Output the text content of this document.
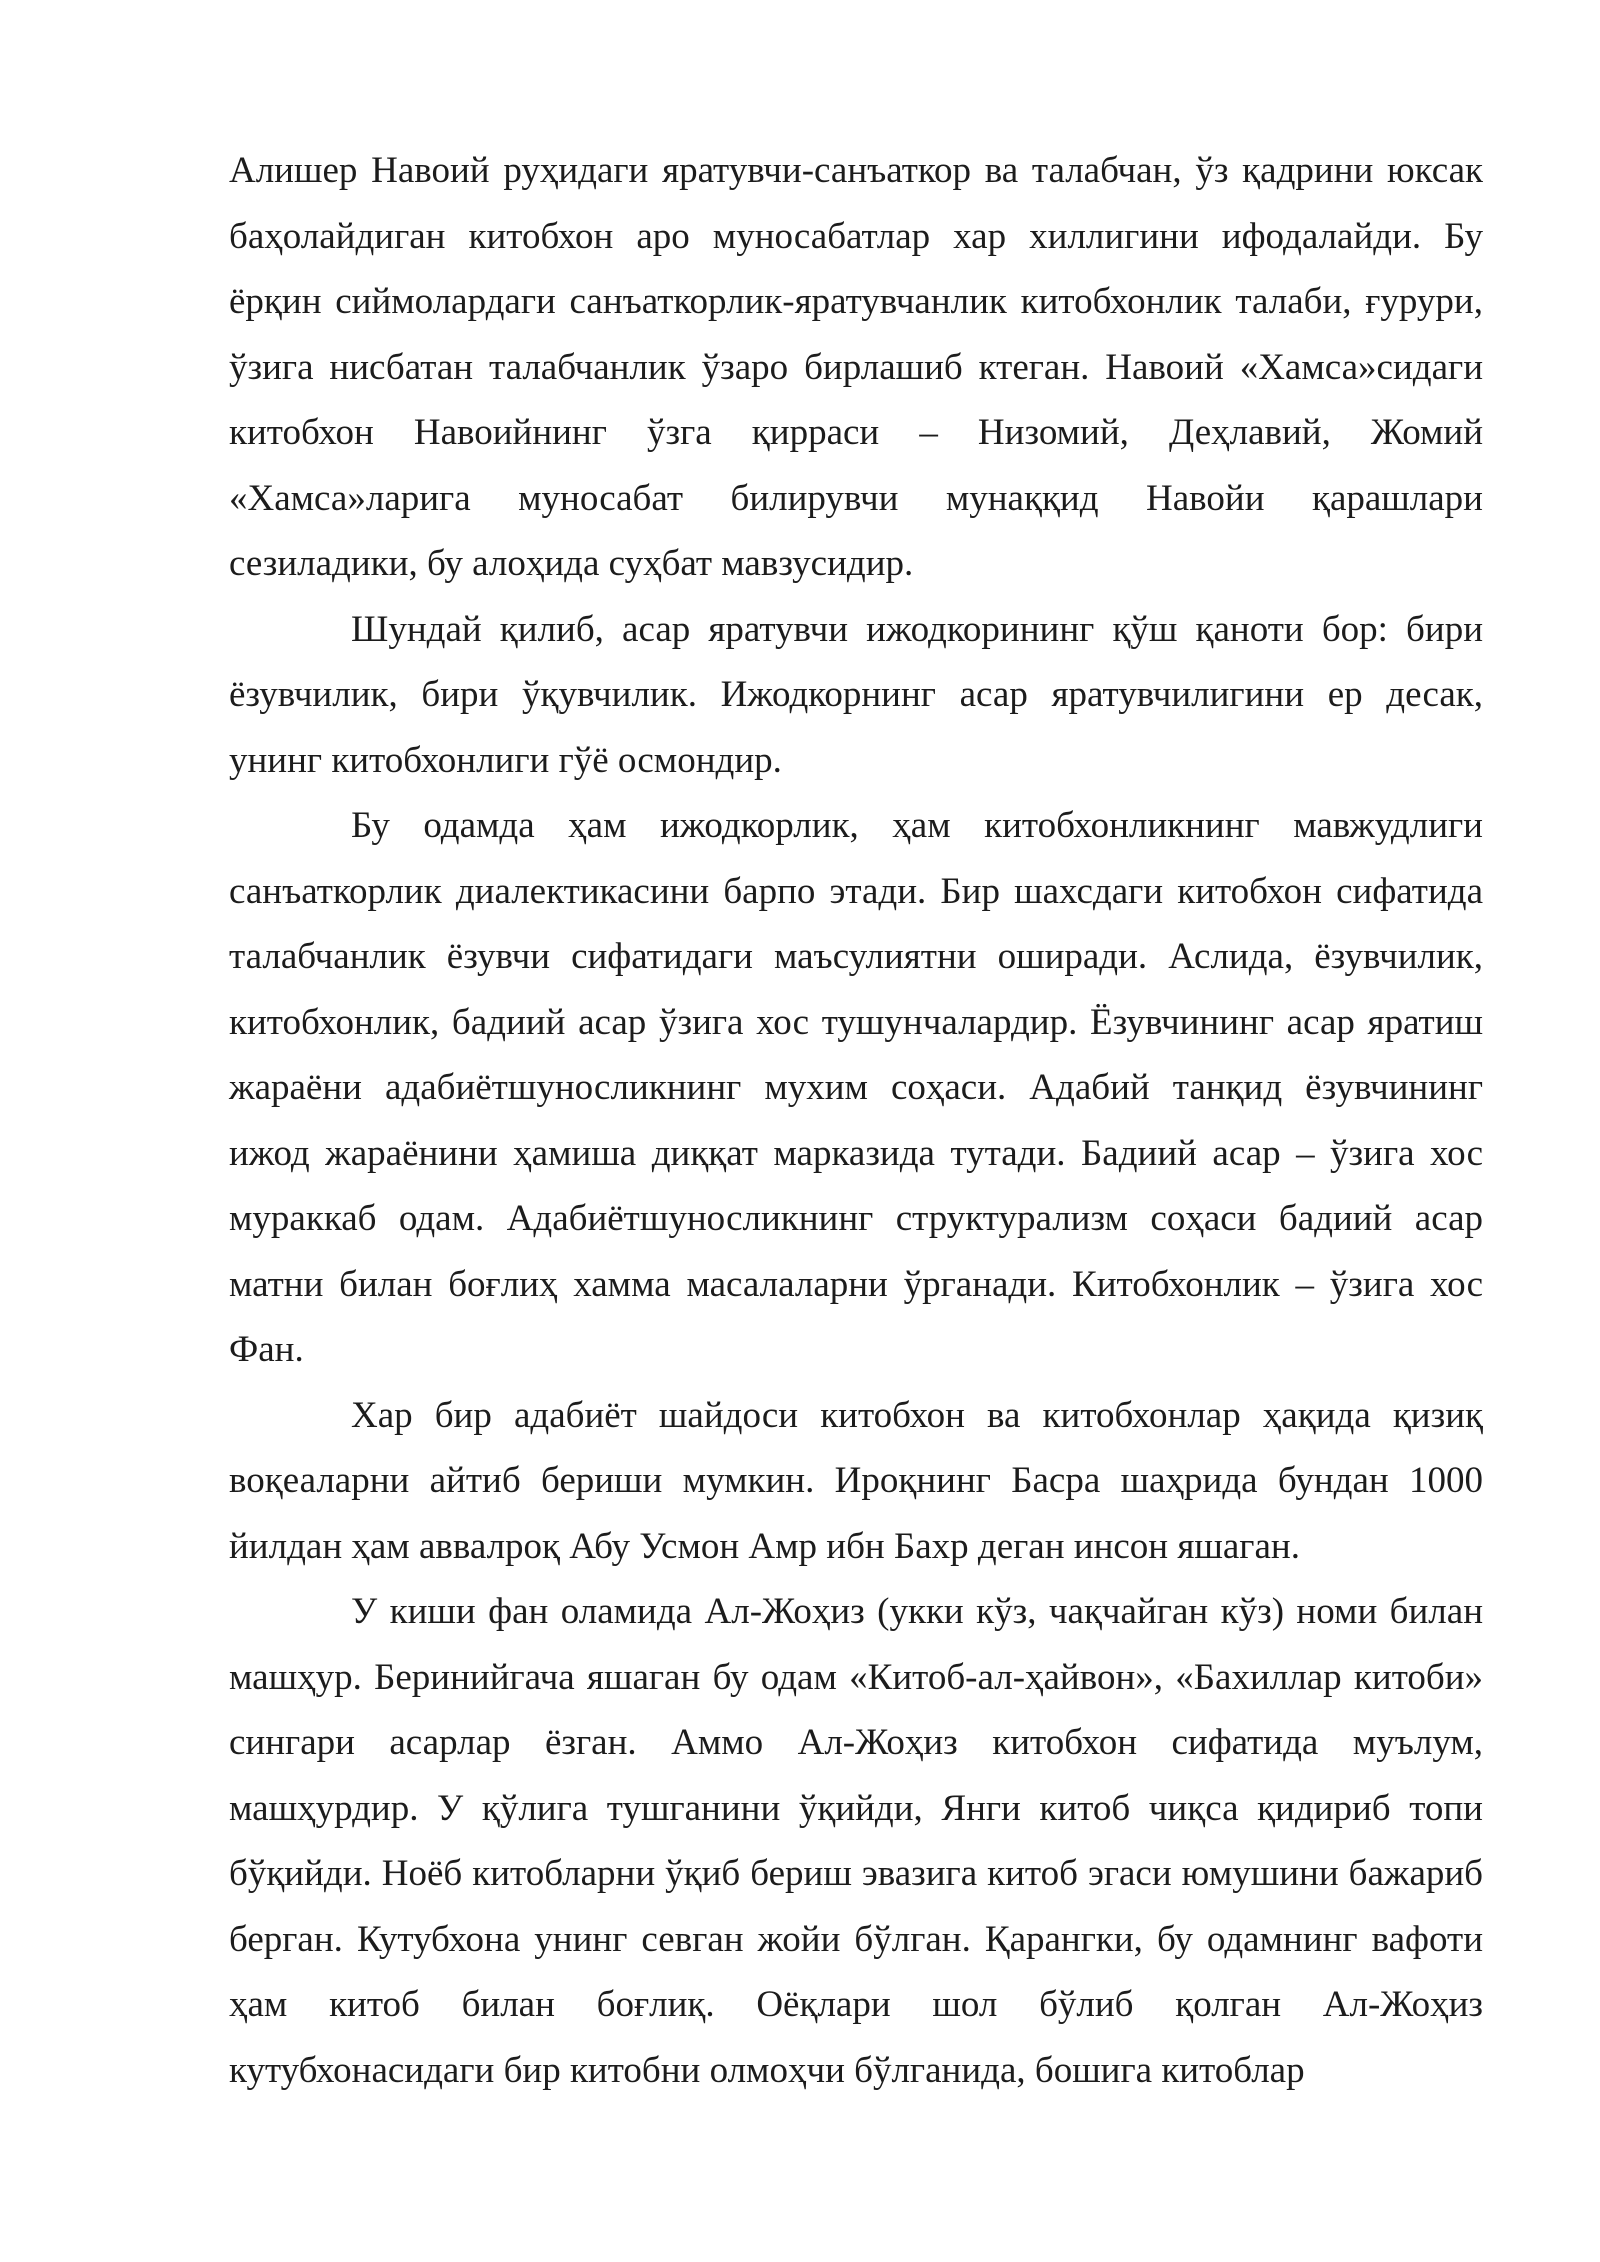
Алишер Навоий руҳидаги яратувчи-санъаткор ва талабчан, ўз қадрини юксак баҳолайдиган китобхон аро муносабатлар хар хиллигини ифодалайди. Бу ёрқин сиймолардаги санъаткорлик-яратувчанлик китобхонлик талаби, ғурури, ўзига нисбатан талабчанлик ўзаро бирлашиб ктеган. Навоий «Хамса»сидаги китобхон Навоийнинг ўзга қирраси – Низомий, Деҳлавий, Жомий «Хамса»ларига муносабат билирувчи мунаққид Навойи қарашлари сезиладики, бу алоҳида суҳбат мавзусидир.

Шундай қилиб, асар яратувчи ижодкорининг қўш қаноти бор: бири ёзувчилик, бири ўқувчилик. Ижодкорнинг асар яратувчилигини ер десак, унинг китобхонлиги гўё осмондир.

Бу одамда ҳам ижодкорлик, ҳам китобхонликнинг мавжудлиги санъаткорлик диалектикасини барпо этади. Бир шахсдаги китобхон сифатида талабчанлик ёзувчи сифатидаги маъсулиятни оширади. Аслида, ёзувчилик, китобхонлик, бадиий асар ўзига хос тушунчалардир. Ёзувчининг асар яратиш жараёни адабиётшуносликнинг мухим соҳаси. Адабий танқид ёзувчининг ижод жараёнини ҳамиша диққат марказида тутади. Бадиий асар – ўзига хос мураккаб одам. Адабиётшуносликнинг структурализм соҳаси бадиий асар матни билан боғлиҳ хамма масалаларни ўрганади. Китобхонлик – ўзига хос Фан.

Хар бир адабиёт шайдоси китобхон ва китобхонлар ҳақида қизиқ воқеаларни айтиб бериши мумкин. Ироқнинг Басра шаҳрида бундан 1000 йилдан ҳам аввалроқ Абу Усмон Амр ибн Бахр деган инсон яшаган.

У киши фан оламида Ал-Жоҳиз (укки кўз, чақчайган кўз) номи билан машҳур. Беринийгача яшаган бу одам «Китоб-ал-ҳайвон», «Бахиллар китоби» сингари асарлар ёзган. Аммо Ал-Жоҳиз китобхон сифатида муълум, машҳурдир. У қўлига тушганини ўқийди, Янги китоб чиқса қидириб топи бўқийди. Ноёб китобларни ўқиб бериш эвазига китоб эгаси юмушини бажариб берган. Кутубхона унинг севган жойи бўлган. Қарангки, бу одамнинг вафоти ҳам китоб билан боғлиқ. Оёқлари шол бўлиб қолган Ал-Жоҳиз кутубхонасидаги бир китобни олмоҳчи бўлганида, бошига китоблар
